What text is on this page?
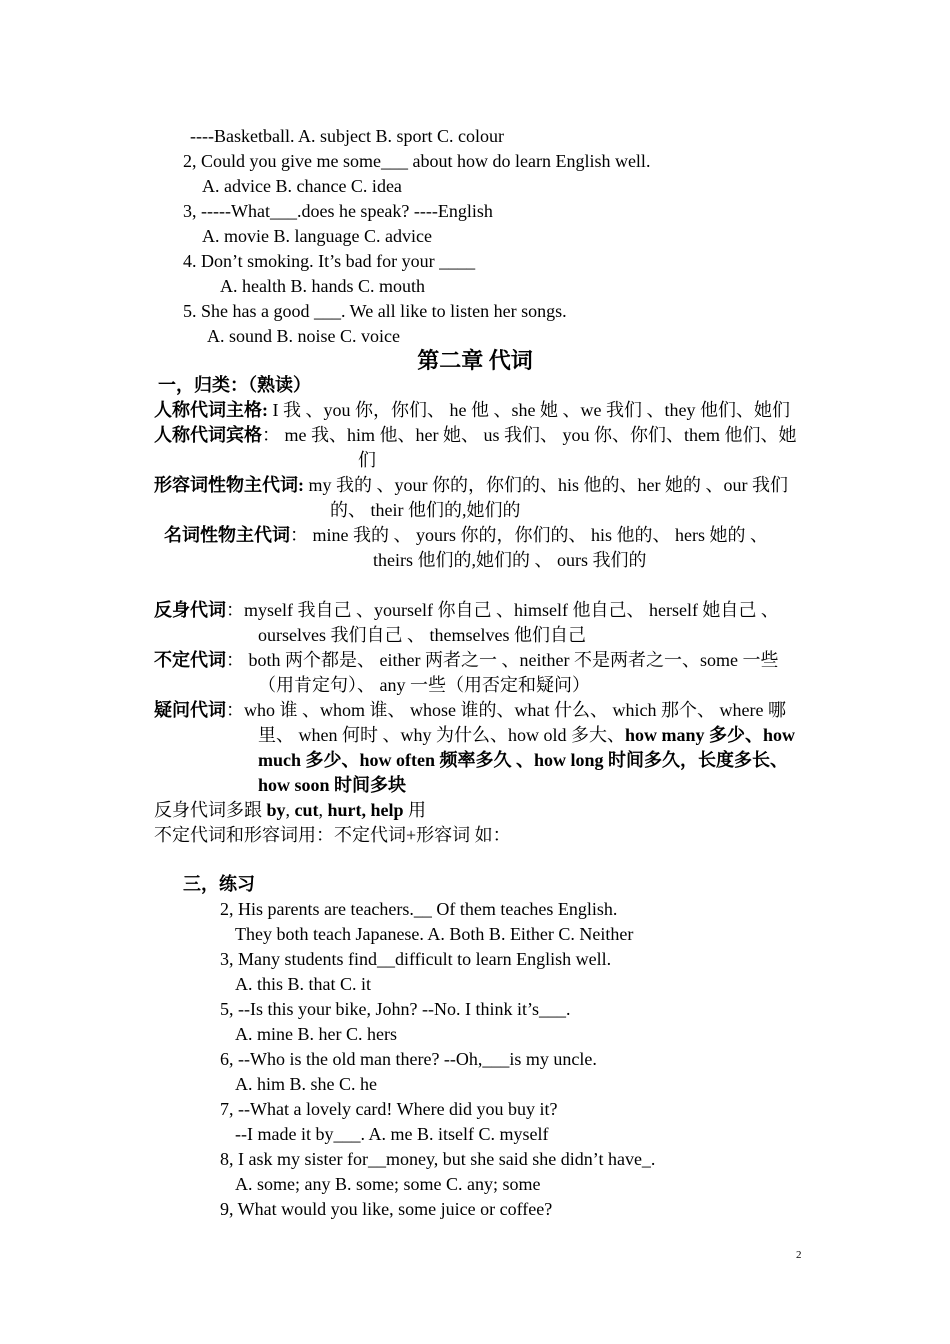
----Basketball. A. subject B. sport C. colour
2, Could you give me some___ about how do learn English well.
A. advice B. chance C. idea
3, -----What___.does he speak? ----English
A. movie B. language C. advice
4. Don’t smoking. It’s bad for your ____
A. health B. hands C. mouth
5. She has a good ___. We all like to listen her songs.
A. sound B. noise C. voice
第二章 代词
一，归类：（熟读）
人称代词主格: I 我 、you 你，你们、 he 他 、she 她 、we 我们 、they 他们、她们
人称代词宾格： me 我、him 他、her 她、 us 我们、 you 你、你们、them 他们、她
们
形容词性物主代词: my 我的 、your 你的，你们的、his 他的、her 她的 、our 我们
的、 their 他们的,她们的
名词性物主代词： mine 我的 、 yours 你的，你们的、 his 他的、 hers 她的 、
theirs 他们的,她们的 、 ours 我们的
反身代词：myself 我自己 、yourself 你自己 、himself 他自己、 herself 她自己 、
ourselves 我们自己 、 themselves 他们自己
不定代词： both 两个都是、 either 两者之一 、neither 不是两者之一、some 一些
（用肯定句）、 any 一些（用否定和疑问）
疑问代词：who 谁 、whom 谁、 whose 谁的、what 什么、 which 那个、 where 哪
里、 when 何时 、why 为什么、how old 多大、how many 多少、how
much 多少、how often 频率多久 、how long 时间多久，长度多长、
how soon 时间多块
反身代词多跟 by, cut, hurt, help 用
不定代词和形容词用：不定代词+形容词 如：
三，练习
2, His parents are teachers.__ Of them teaches English.
They both teach Japanese. A. Both B. Either C. Neither
3, Many students find__difficult to learn English well.
A. this B. that C. it
5, --Is this your bike, John? --No. I think it’s___.
A. mine B. her C. hers
6, --Who is the old man there? --Oh,___is my uncle.
A. him B. she C. he
7, --What a lovely card! Where did you buy it?
--I made it by___. A. me B. itself C. myself
8, I ask my sister for__money, but she said she didn’t have_.
A. some; any B. some; some C. any; some
9, What would you like, some juice or coffee?
2
